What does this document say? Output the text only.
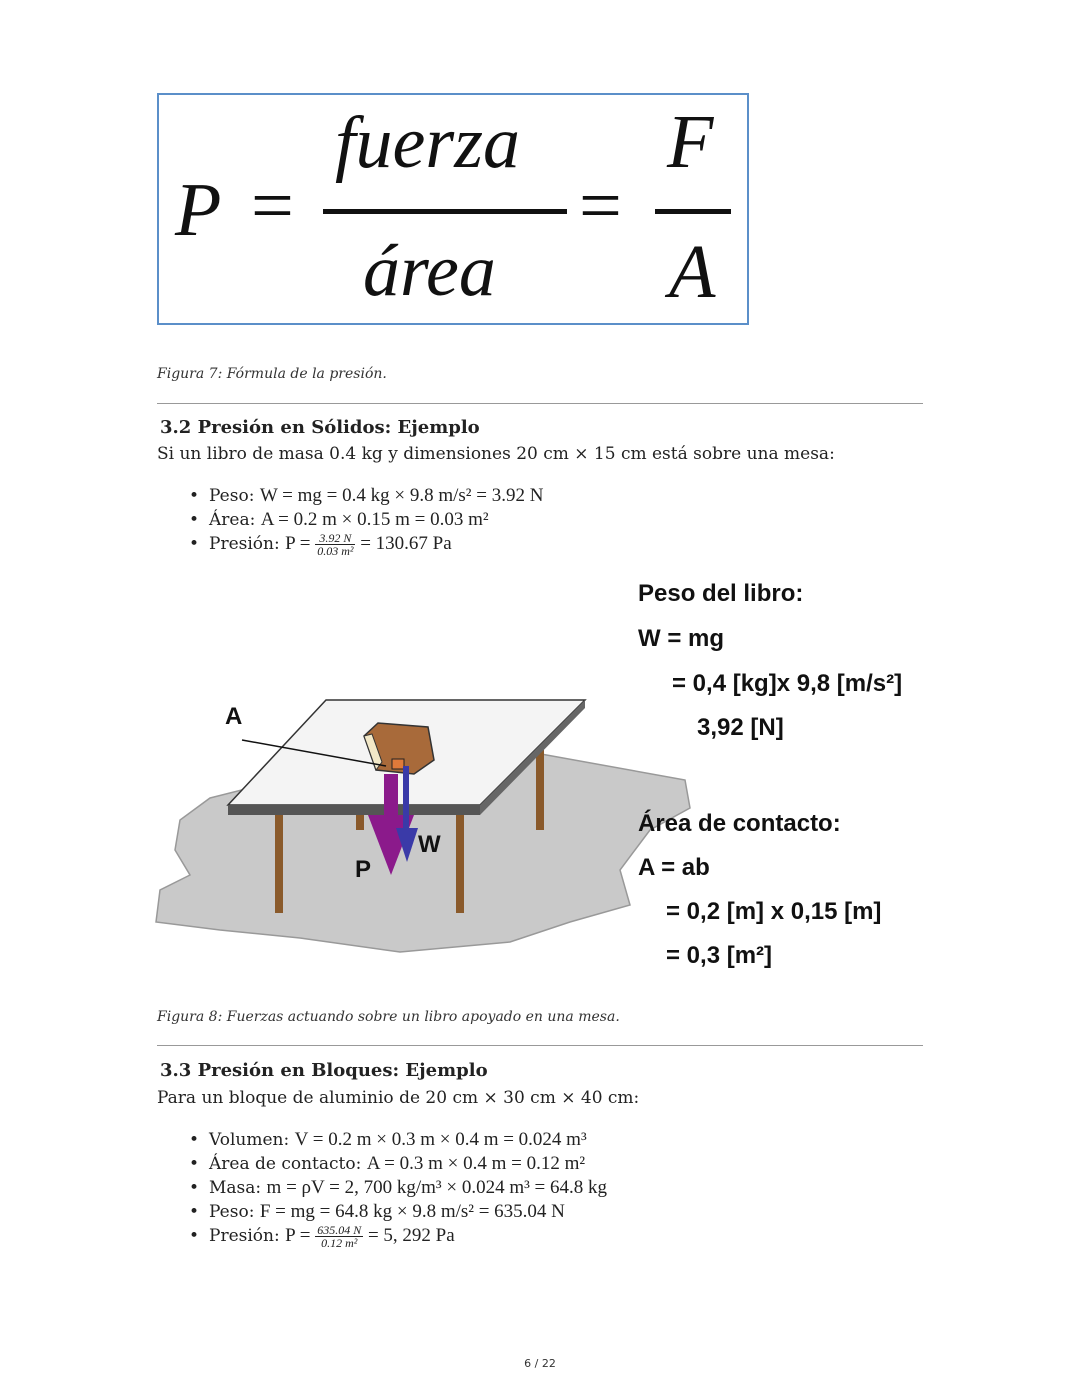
P =
fuerza
área
=
F
A
Figura 7: Fórmula de la presión.
3.2 Presión en Sólidos: Ejemplo
Si un libro de masa 0.4 kg y dimensiones 20 cm × 15 cm está sobre una mesa:
• Peso: W = mg = 0.4 kg × 9.8 m/s² = 3.92 N
• Área: A = 0.2 m × 0.15 m = 0.03 m²
• Presión: $P = \frac{3.92 N}{\text{0.03 m²}} = 130.67$ Pa
A
P
W
Peso del libro:
W = mg
= 0,4 [kg]x 9,8 [m/s²]
3,92 [N]
Área de contacto:
A = ab
= 0,2 [m] x 0,15 [m]
= 0,3 [m²]
Figura 8: Fuerzas actuando sobre un libro apoyado en una mesa.
3.3 Presión en Bloques: Ejemplo
Para un bloque de aluminio de 20 cm × 30 cm × 40 cm:
• Volumen: V = 0.2 m × 0.3 m × 0.4 m = 0.024 m³
• Área de contacto: A = 0.3 m × 0.4 m = 0.12 m²
• Masa: m = ρV = 2, 700 kg/m³ × 0.024 m³ = 64.8 kg
• Peso: F = mg = 64.8 kg × 9.8 m/s² = 635.04 N
• Presión: $P = \frac{635.04 N}{\text{0.12 m²}} = 5$, 292 Pa
6 / 22
